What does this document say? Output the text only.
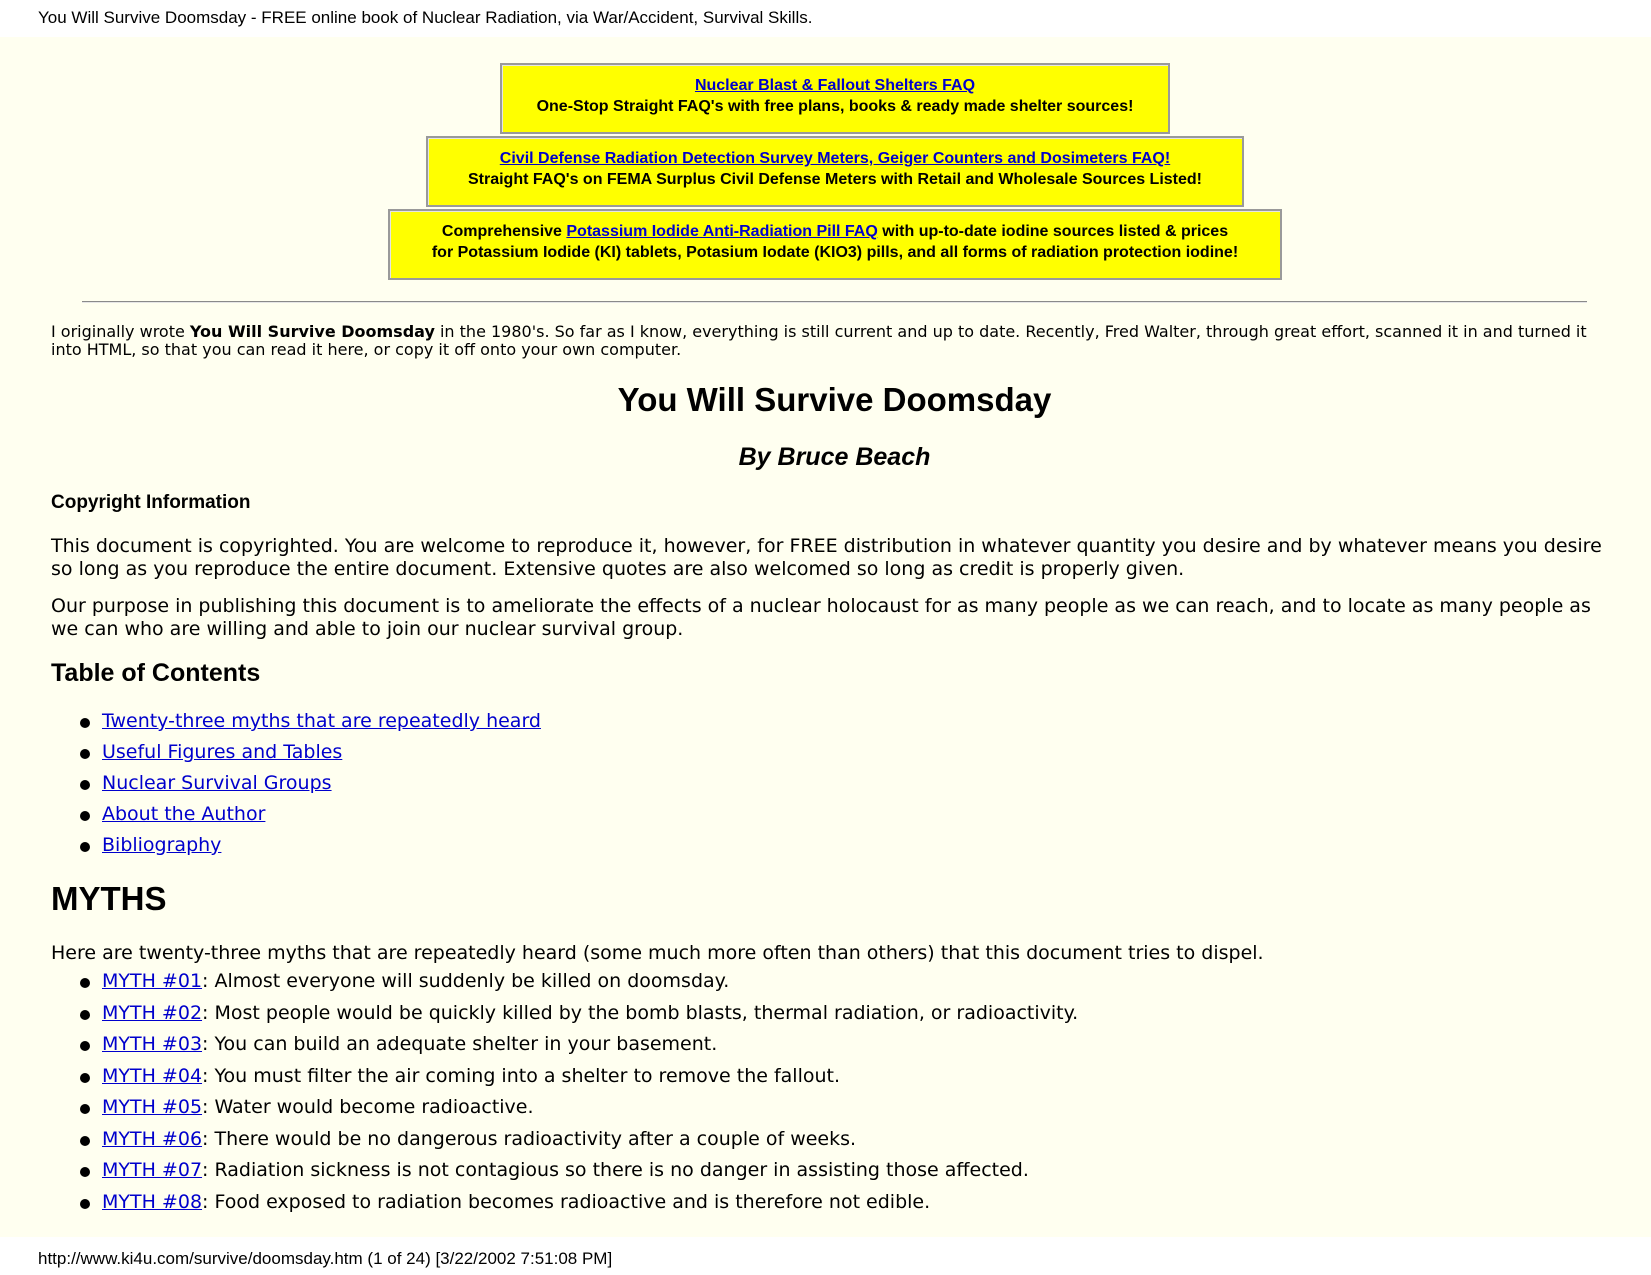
You Will Survive Doomsday - FREE online book of Nuclear Radiation, via War/Accident, Survival Skills.
Nuclear Blast & Fallout Shelters FAQ
One-Stop Straight FAQ's with free plans, books & ready made shelter sources!
Civil Defense Radiation Detection Survey Meters, Geiger Counters and Dosimeters FAQ!
Straight FAQ's on FEMA Surplus Civil Defense Meters with Retail and Wholesale Sources Listed!
Comprehensive Potassium Iodide Anti-Radiation Pill FAQ with up-to-date iodine sources listed & prices
for Potassium Iodide (KI) tablets, Potasium Iodate (KIO3) pills, and all forms of radiation protection iodine!
I originally wrote You Will Survive Doomsday in the 1980's. So far as I know, everything is still current and up to date. Recently, Fred Walter, through great effort, scanned it in and turned it into HTML, so that you can read it here, or copy it off onto your own computer.
You Will Survive Doomsday
By Bruce Beach
Copyright Information
This document is copyrighted. You are welcome to reproduce it, however, for FREE distribution in whatever quantity you desire and by whatever means you desire so long as you reproduce the entire document. Extensive quotes are also welcomed so long as credit is properly given.
Our purpose in publishing this document is to ameliorate the effects of a nuclear holocaust for as many people as we can reach, and to locate as many people as we can who are willing and able to join our nuclear survival group.
Table of Contents
Twenty-three myths that are repeatedly heard
Useful Figures and Tables
Nuclear Survival Groups
About the Author
Bibliography
MYTHS
Here are twenty-three myths that are repeatedly heard (some much more often than others) that this document tries to dispel.
MYTH #01: Almost everyone will suddenly be killed on doomsday.
MYTH #02: Most people would be quickly killed by the bomb blasts, thermal radiation, or radioactivity.
MYTH #03: You can build an adequate shelter in your basement.
MYTH #04: You must filter the air coming into a shelter to remove the fallout.
MYTH #05: Water would become radioactive.
MYTH #06: There would be no dangerous radioactivity after a couple of weeks.
MYTH #07: Radiation sickness is not contagious so there is no danger in assisting those affected.
MYTH #08: Food exposed to radiation becomes radioactive and is therefore not edible.
http://www.ki4u.com/survive/doomsday.htm (1 of 24) [3/22/2002 7:51:08 PM]
